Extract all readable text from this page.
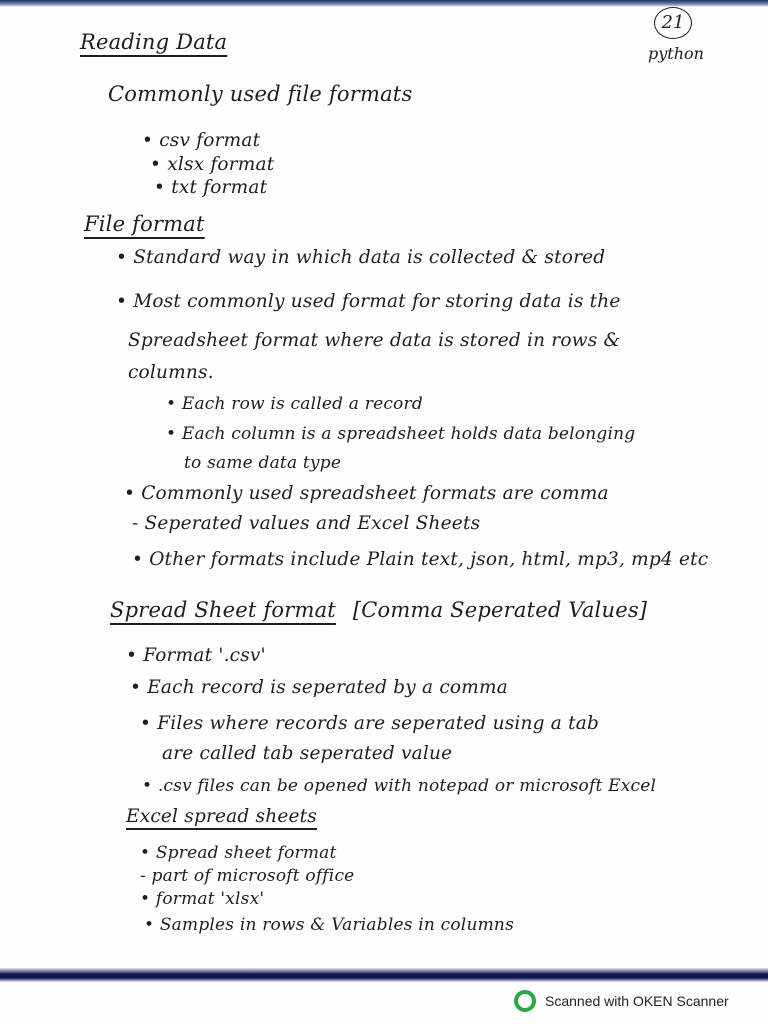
21
python
Reading Data
Commonly used file formats
• csv format
• xlsx format
• txt format
File format
• Standard way in which data is collected & stored
• Most commonly used format for storing data is the
Spreadsheet format where data is stored in rows &
columns.
• Each row is called a record
• Each column is a spreadsheet holds data belonging
to same data type
• Commonly used spreadsheet formats are comma
- Seperated values and Excel Sheets
• Other formats include Plain text, json, html, mp3, mp4 etc
Spread Sheet format [Comma Seperated Values]
• Format '.csv'
• Each record is seperated by a comma
• Files where records are seperated using a tab
are called tab seperated value
• .csv files can be opened with notepad or microsoft Excel
Excel spread sheets
• Spread sheet format
- part of microsoft office
• format 'xlsx'
• Samples in rows & Variables in columns
Scanned with OKEN Scanner
